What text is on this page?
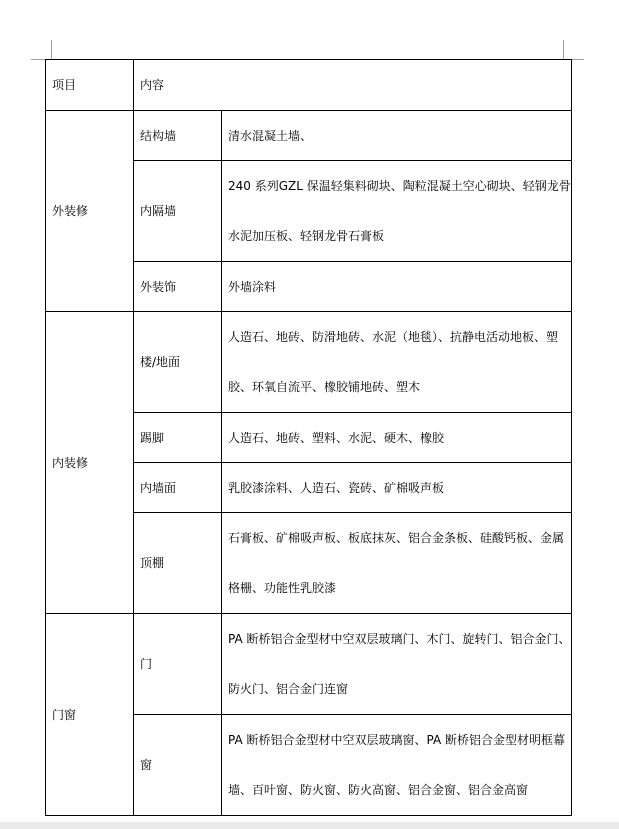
项目	内容	
外装修	结构墙	清水混凝土墙、
	内隔墙	240 系列GZL 保温轻集料砌块、陶粒混凝土空心砌块、轻钢龙骨水泥加压板、轻钢龙骨石膏板
	外装饰	外墙涂料
内装修	楼/地面	人造石、地砖、防滑地砖、水泥（地毯）、抗静电活动地板、塑胶、环氧自流平、橡胶铺地砖、塑木
	踢脚	人造石、地砖、塑料、水泥、硬木、橡胶
	内墙面	乳胶漆涂料、人造石、瓷砖、矿棉吸声板
	顶棚	石膏板、矿棉吸声板、板底抹灰、铝合金条板、硅酸钙板、金属格栅、功能性乳胶漆
门窗	门	PA 断桥铝合金型材中空双层玻璃门、木门、旋转门、铝合金门、防火门、铝合金门连窗
	窗	PA 断桥铝合金型材中空双层玻璃窗、PA 断桥铝合金型材明框幕墙、百叶窗、防火窗、防火高窗、铝合金窗、铝合金高窗
